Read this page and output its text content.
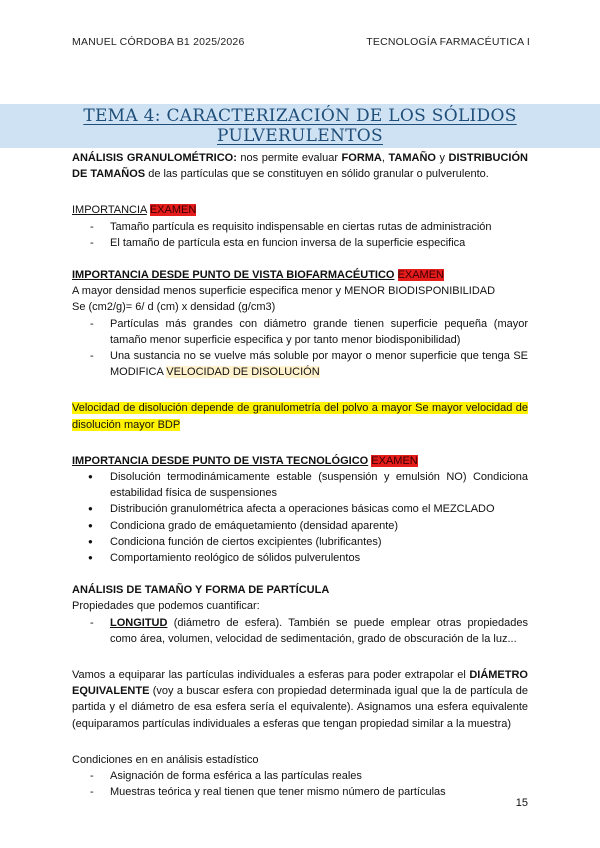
MANUEL CÓRDOBA B1 2025/2026	TECNOLOGÍA FARMACÉUTICA I
TEMA 4: CARACTERIZACIÓN DE LOS SÓLIDOS PULVERULENTOS

ANÁLISIS GRANULOMÉTRICO: nos permite evaluar FORMA, TAMAÑO y DISTRIBUCIÓN DE TAMAÑOS de las partículas que se constituyen en sólido granular o pulverulento.

IMPORTANCIA EXAMEN

- Tamaño partícula es requisito indispensable en ciertas rutas de administración
- El tamaño de partícula esta en funcion inversa de la superficie especifica

IMPORTANCIA DESDE PUNTO DE VISTA BIOFARMACÉUTICO EXAMEN

A mayor densidad menos superficie especifica menor y MENOR BIODISPONIBILIDAD

Se (cm2/g)= 6/ d (cm) x densidad (g/cm3)

- Partículas más grandes con diámetro grande tienen superficie pequeña (mayor tamaño menor superficie especifica y por tanto menor biodisponibilidad)
- Una sustancia no se vuelve más soluble por mayor o menor superficie que tenga SE MODIFICA VELOCIDAD DE DISOLUCIÓN

Velocidad de disolución depende de granulometría del polvo a mayor Se mayor velocidad de disolución mayor BDP

IMPORTANCIA DESDE PUNTO DE VISTA TECNOLÓGICO EXAMEN

● Disolución termodinámicamente estable (suspensión y emulsión NO) Condiciona estabilidad física de suspensiones
● Distribución granulométrica afecta a operaciones básicas como el MEZCLADO
● Condiciona grado de emáquetamiento (densidad aparente)
● Condiciona función de ciertos excipientes (lubrificantes)
● Comportamiento reológico de sólidos pulverulentos

ANÁLISIS DE TAMAÑO Y FORMA DE PARTÍCULA

Propiedades que podemos cuantificar:

- LONGITUD (diámetro de esfera). También se puede emplear otras propiedades como área, volumen, velocidad de sedimentación, grado de obscuración de la luz...

Vamos a equiparar las partículas individuales a esferas para poder extrapolar el DIÁMETRO EQUIVALENTE (voy a buscar esfera con propiedad determinada igual que la de partícula de partida y el diámetro de esa esfera sería el equivalente). Asignamos una esfera equivalente (equiparamos partículas individuales a esferas que tengan propiedad similar a la muestra)

Condiciones en en análisis estadístico

- Asignación de forma esférica a las partículas reales
- Muestras teórica y real tienen que tener mismo número de partículas
15
